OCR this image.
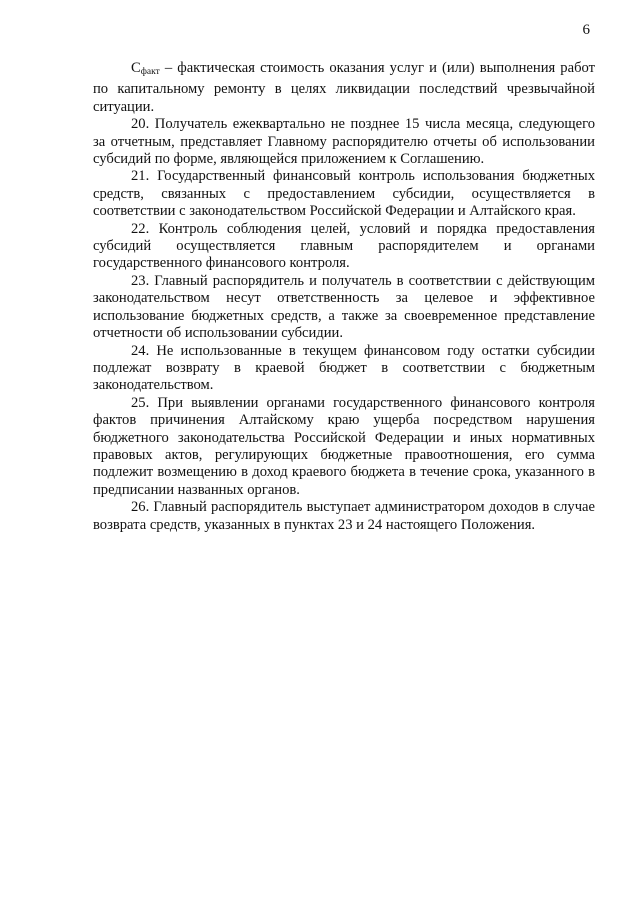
6

Сфакт – фактическая стоимость оказания услуг и (или) выполнения работ по капитальному ремонту в целях ликвидации последствий чрезвычайной ситуации.

20. Получатель ежеквартально не позднее 15 числа месяца, следующего за отчетным, представляет Главному распорядителю отчеты об использовании субсидий по форме, являющейся приложением к Соглашению.

21. Государственный финансовый контроль использования бюджетных средств, связанных с предоставлением субсидии, осуществляется в соответствии с законодательством Российской Федерации и Алтайского края.

22. Контроль соблюдения целей, условий и порядка предоставления субсидий осуществляется главным распорядителем и органами государственного финансового контроля.

23. Главный распорядитель и получатель в соответствии с действующим законодательством несут ответственность за целевое и эффективное использование бюджетных средств, а также за своевременное представление отчетности об использовании субсидии.

24. Не использованные в текущем финансовом году остатки субсидии подлежат возврату в краевой бюджет в соответствии с бюджетным законодательством.

25. При выявлении органами государственного финансового контроля фактов причинения Алтайскому краю ущерба посредством нарушения бюджетного законодательства Российской Федерации и иных нормативных правовых актов, регулирующих бюджетные правоотношения, его сумма подлежит возмещению в доход краевого бюджета в течение срока, указанного в предписании названных органов.

26. Главный распорядитель выступает администратором доходов в случае возврата средств, указанных в пунктах 23 и 24 настоящего Положения.
